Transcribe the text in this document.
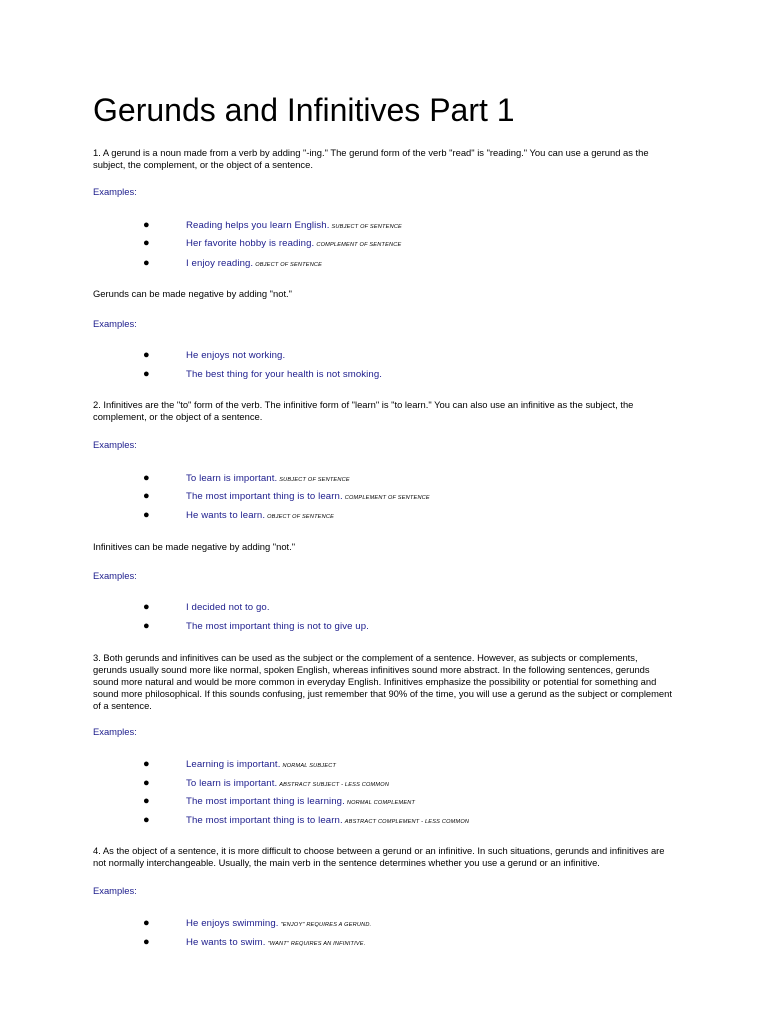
Gerunds and Infinitives Part 1

1. A gerund is a noun made from a verb by adding "-ing." The gerund form of the verb "read" is "reading." You can use a gerund as the subject, the complement, or the object of a sentence.

Examples:

●	Reading helps you learn English. SUBJECT OF SENTENCE
●	Her favorite hobby is reading. COMPLEMENT OF SENTENCE
●	I enjoy reading. OBJECT OF SENTENCE

Gerunds can be made negative by adding "not."

Examples:

●	He enjoys not working.
●	The best thing for your health is not smoking.

2. Infinitives are the "to" form of the verb. The infinitive form of "learn" is "to learn." You can also use an infinitive as the subject, the complement, or the object of a sentence.

Examples:

●	To learn is important. SUBJECT OF SENTENCE
●	The most important thing is to learn. COMPLEMENT OF SENTENCE
●	He wants to learn. OBJECT OF SENTENCE

Infinitives can be made negative by adding "not."

Examples:

●	I decided not to go.
●	The most important thing is not to give up.

3. Both gerunds and infinitives can be used as the subject or the complement of a sentence. However, as subjects or complements, gerunds usually sound more like normal, spoken English, whereas infinitives sound more abstract. In the following sentences, gerunds sound more natural and would be more common in everyday English. Infinitives emphasize the possibility or potential for something and sound more philosophical. If this sounds confusing, just remember that 90% of the time, you will use a gerund as the subject or complement of a sentence.

Examples:

●	Learning is important. NORMAL SUBJECT
●	To learn is important. ABSTRACT SUBJECT - LESS COMMON
●	The most important thing is learning. NORMAL COMPLEMENT
●	The most important thing is to learn. ABSTRACT COMPLEMENT - LESS COMMON

4. As the object of a sentence, it is more difficult to choose between a gerund or an infinitive. In such situations, gerunds and infinitives are not normally interchangeable. Usually, the main verb in the sentence determines whether you use a gerund or an infinitive.

Examples:

●	He enjoys swimming. "ENJOY" REQUIRES A GERUND.
●	He wants to swim. "WANT" REQUIRES AN INFINITIVE.
